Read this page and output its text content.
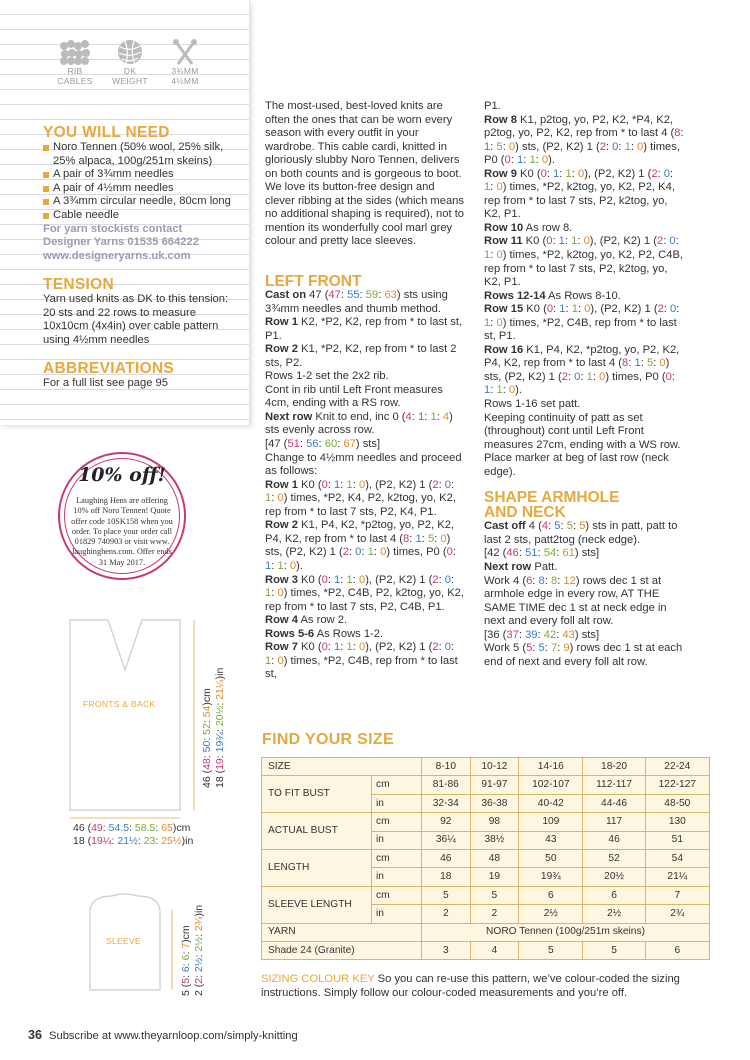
RIB
CABLES
DK
WEIGHT
3¾MM
4½MM
YOU WILL NEED
Noro Tennen (50% wool, 25% silk, 25% alpaca, 100g/251m skeins)
A pair of 3¾mm needles
A pair of 4½mm needles
A 3¾mm circular needle, 80cm long
Cable needle
For yarn stockists contact
Designer Yarns 01535 664222
www.designeryarns.uk.com
TENSION
Yarn used knits as DK to this tension: 20 sts and 22 rows to measure 10x10cm (4x4in) over cable pattern using 4½mm needles
ABBREVIATIONS
For a full list see page 95
10% off!
Laughing Hens are offering 10% off Noro Tennen! Quote offer code 10SK158 when you order. To place your order call 01829 740903 or visit www. laughinghens.com. Offer ends 31 May 2017.
FRONTS & BACK
SLEEVE
46 (48: 50: 52: 54)cm
18 (19: 19¾: 20½: 21¼)in
46 (49: 54.5: 58.5: 65)cm
18 (19¼: 21½: 23: 25½)in
5 (5: 6: 6: 7)cm
2 (2: 2½: 2½: 2¾)in

The most-used, best-loved knits are often the ones that can be worn every season with every outfit in your wardrobe. This cable cardi, knitted in gloriously slubby Noro Tennen, delivers on both counts and is gorgeous to boot. We love its button-free design and clever ribbing at the sides (which means no additional shaping is required), not to mention its wonderfully cool marl grey colour and pretty lace sleeves.

LEFT FRONT

Cast on 47 (47: 55: 59: 63) sts using 3¾mm needles and thumb method.

Row 1 K2, *P2, K2, rep from * to last st, P1.

Row 2 K1, *P2, K2, rep from * to last 2 sts, P2.

Rows 1-2 set the 2x2 rib.

Cont in rib until Left Front measures 4cm, ending with a RS row.

Next row Knit to end, inc 0 (4: 1: 1: 4) sts evenly across row.

[47 (51: 56: 60: 67) sts]

Change to 4½mm needles and proceed as follows:

Row 1 K0 (0: 1: 1: 0), (P2, K2) 1 (2: 0: 1: 0) times, *P2, K4, P2, k2tog, yo, K2, rep from * to last 7 sts, P2, K4, P1.

Row 2 K1, P4, K2, *p2tog, yo, P2, K2, P4, K2, rep from * to last 4 (8: 1: 5: 0) sts, (P2, K2) 1 (2: 0: 1: 0) times, P0 (0: 1: 1: 0).

Row 3 K0 (0: 1: 1: 0), (P2, K2) 1 (2: 0: 1: 0) times, *P2, C4B, P2, k2tog, yo, K2, rep from * to last 7 sts, P2, C4B, P1.

Row 4 As row 2.

Rows 5-6 As Rows 1-2.

Row 7 K0 (0: 1: 1: 0), (P2, K2) 1 (2: 0: 1: 0) times, *P2, C4B, rep from * to last st,

P1.

Row 8 K1, p2tog, yo, P2, K2, *P4, K2, p2tog, yo, P2, K2, rep from * to last 4 (8: 1: 5: 0) sts, (P2, K2) 1 (2: 0: 1: 0) times, P0 (0: 1: 1: 0).

Row 9 K0 (0: 1: 1: 0), (P2, K2) 1 (2: 0: 1: 0) times, *P2, k2tog, yo, K2, P2, K4, rep from * to last 7 sts, P2, k2tog, yo, K2, P1.

Row 10 As row 8.

Row 11 K0 (0: 1: 1: 0), (P2, K2) 1 (2: 0: 1: 0) times, *P2, k2tog, yo, K2, P2, C4B, rep from * to last 7 sts, P2, k2tog, yo, K2, P1.

Rows 12-14 As Rows 8-10.

Row 15 K0 (0: 1: 1: 0), (P2, K2) 1 (2: 0: 1: 0) times, *P2, C4B, rep from * to last st, P1.

Row 16 K1, P4, K2, *p2tog, yo, P2, K2, P4, K2, rep from * to last 4 (8: 1: 5: 0) sts, (P2, K2) 1 (2: 0: 1: 0) times, P0 (0: 1: 1: 0).

Rows 1-16 set patt.

Keeping continuity of patt as set (throughout) cont until Left Front measures 27cm, ending with a WS row. Place marker at beg of last row (neck edge).

SHAPE ARMHOLE

AND NECK

Cast off 4 (4: 5: 5: 5) sts in patt, patt to last 2 sts, patt2tog (neck edge).

[42 (46: 51: 54: 61) sts]

Next row Patt.

Work 4 (6: 8: 8: 12) rows dec 1 st at armhole edge in every row, AT THE SAME TIME dec 1 st at neck edge in next and every foll alt row.

[36 (37: 39: 42: 43) sts]

Work 5 (5: 5: 7: 9) rows dec 1 st at each end of next and every foll alt row.

FIND YOUR SIZE
SIZE		8-10	10-12	14-16	18-20	22-24
TO FIT BUST	cm	81-86	91-97	102-107	112-117	122-127
	in	32-34	36-38	40-42	44-46	48-50
ACTUAL BUST	cm	92	98	109	117	130
	in	36¼	38½	43	46	51
LENGTH	cm	46	48	50	52	54
	in	18	19	19¾	20½	21¼
SLEEVE LENGTH	cm	5	5	6	6	7
	in	2	2	2½	2½	2¾
YARN		NORO Tennen (100g/251m skeins)				
Shade 24 (Granite)		3	4	5	5	6
SIZING COLOUR KEY So you can re-use this pattern, we’ve colour-coded the sizing instructions. Simply follow our colour-coded measurements and you’re off.
36 Subscribe at www.theyarnloop.com/simply-knitting
